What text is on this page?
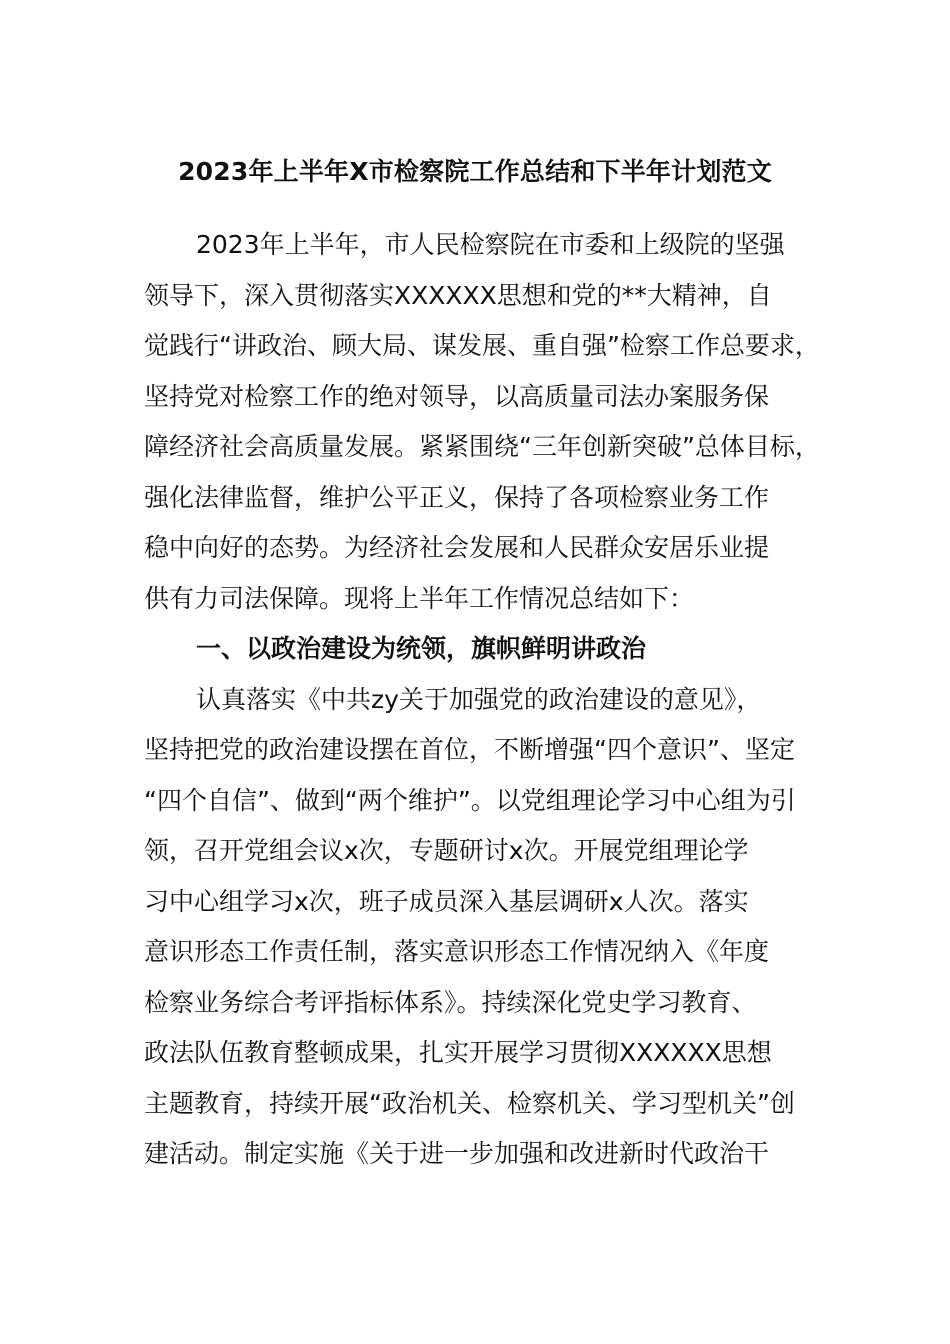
2023年上半年X市检察院工作总结和下半年计划范文
2023年上半年，市人民检察院在市委和上级院的坚强
领导下，深入贯彻落实XXXXXX思想和党的**大精神，自
觉践行“讲政治、顾大局、谋发展、重自强”检察工作总要求，
坚持党对检察工作的绝对领导，以高质量司法办案服务保
障经济社会高质量发展。紧紧围绕“三年创新突破”总体目标，
强化法律监督，维护公平正义，保持了各项检察业务工作
稳中向好的态势。为经济社会发展和人民群众安居乐业提
供有力司法保障。现将上半年工作情况总结如下：
一、以政治建设为统领，旗帜鲜明讲政治
认真落实《中共zy关于加强党的政治建设的意见》，
坚持把党的政治建设摆在首位，不断增强“四个意识”、坚定
“四个自信”、做到“两个维护”。以党组理论学习中心组为引
领，召开党组会议x次，专题研讨x次。开展党组理论学
习中心组学习x次，班子成员深入基层调研x人次。落实
意识形态工作责任制，落实意识形态工作情况纳入《年度
检察业务综合考评指标体系》。持续深化党史学习教育、
政法队伍教育整顿成果，扎实开展学习贯彻XXXXXX思想
主题教育，持续开展“政治机关、检察机关、学习型机关”创
建活动。制定实施《关于进一步加强和改进新时代政治干
